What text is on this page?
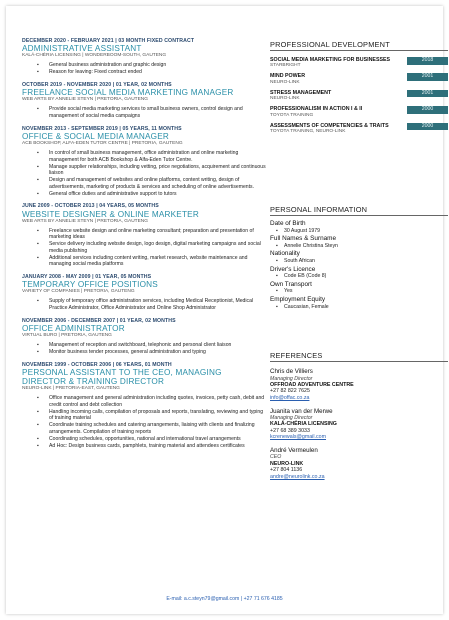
DECEMBER 2020 - FEBRUARY 2021 | 03 MONTH FIXED CONTRACT
ADMINISTRATIVE ASSISTANT
KALÁ-CHÉRIA LICENSING | WONDERBOOM-SOUTH, GAUTENG
▪ General business administration and graphic design
▪ Reason for leaving: Fixed contract ended
OCTOBER 2019 - NOVEMBER 2020 | 01 YEAR, 02 MONTHS
FREELANCE SOCIAL MEDIA MARKETING MANAGER
WEB ARTS BY ANNELIE STEYN | PRETORIA, GAUTENG
▪ Provide social media marketing services to small business owners, control design and management of social media campaigns
NOVEMBER 2013 - SEPTEMBER 2019 | 05 YEARS, 11 MONTHS
OFFICE & SOCIAL MEDIA MANAGER
ACB BOOKSHOP, ALFA-EDEN TUTOR CENTRE | PRETORIA, GAUTENG
▪ In control of small business management, office administration and online marketing management for both ACB Bookshop & Alfa-Eden Tutor Centre.
▪ Manage supplier relationships, including vetting, price negotiations, acquirement and continuous liaison
▪ Design and management of websites and online platforms, content writing, design of advertisements, marketing of products & services and scheduling of online advertisements.
▪ General office duties and administrative support to tutors
JUNE 2009 - OCTOBER 2013 | 04 YEARS, 05 MONTHS
WEBSITE DESIGNER & ONLINE MARKETER
WEB ARTS BY ANNELIE STEYN | PRETORIA, GAUTENG
▪ Freelance website design and online marketing consultant; preparation and presentation of marketing ideas
▪ Service delivery including website design, logo design, digital marketing campaigns and social media publishing
▪ Additional services including content writing, market research, website maintenance and managing social media platforms
JANUARY 2008 - MAY 2009 | 01 YEAR, 05 MONTHS
TEMPORARY OFFICE POSITIONS
VARIETY OF COMPANIES | PRETORIA, GAUTENG
▪ Supply of temporary office administration services, including Medical Receptionist, Medical Practice Administrator, Office Administrator and Online Shop Administrator
NOVEMBER 2006 - DECEMBER 2007 | 01 YEAR, 02 MONTHS
OFFICE ADMINISTRATOR
VIRTUAL BURO | PRETORIA, GAUTENG
▪ Management of reception and switchboard, telephonic and personal client liaison
▪ Monitor business tender processes, general administration and typing
NOVEMBER 1999 - OCTOBER 2006 | 06 YEARS, 01 MONTH
PERSONAL ASSISTANT TO THE CEO, MANAGING DIRECTOR & TRAINING DIRECTOR
NEURO-LINK | PRETORIA-EAST, GAUTENG
▪ Office management and general administration including quotes, invoices, petty cash, debit and credit control and debt collection
▪ Handling incoming calls, compilation of proposals and reports, translating, reviewing and typing of training material
▪ Coordinate training schedules and catering arrangements, liaising with clients and finalizing arrangements. Compilation of training reports
▪ Coordinating schedules, opportunities, national and international travel arrangements
▪ Ad Hoc: Design business cards, pamphlets, training material and attendees certificates
PROFESSIONAL DEVELOPMENT
SOCIAL MEDIA MARKETING FOR BUSINESSES
STARBRIGHT
2018
MIND POWER
NEURO-LINK
2001
STRESS MANAGEMENT
NEURO-LINK
2001
PROFESSIONALISM IN ACTION I & II
TOYOTA TRAINING
2000
ASSESSMENTS OF COMPETENCIES & TRAITS
TOYOTA TRAINING, NEURO-LINK
2000
PERSONAL INFORMATION
Date of Birth
▪ 30 August 1979
Full Names & Surname
▪ Annelie Christina Steyn
Nationality
▪ South African
Driver's Licence
▪ Code EB (Code 8)
Own Transport
▪ Yes
Employment Equity
▪ Caucasian, Female
REFERENCES
Chris de Villiers
Managing Director
OFFROAD ADVENTURE CENTRE
+27 82 822 7625
info@offac.co.za
Juanita van der Merwe
Managing Director
KALÁ-CHÉRIA LICENSING
+27 68 389 3033
kcrenewals@gmail.com
André Vermeulen
CEO
NEURO-LINK
+27 804 1136
andre@neurolink.co.za
E-mail: a.c.steyn79@gmail.com | +27 71 676 4185
